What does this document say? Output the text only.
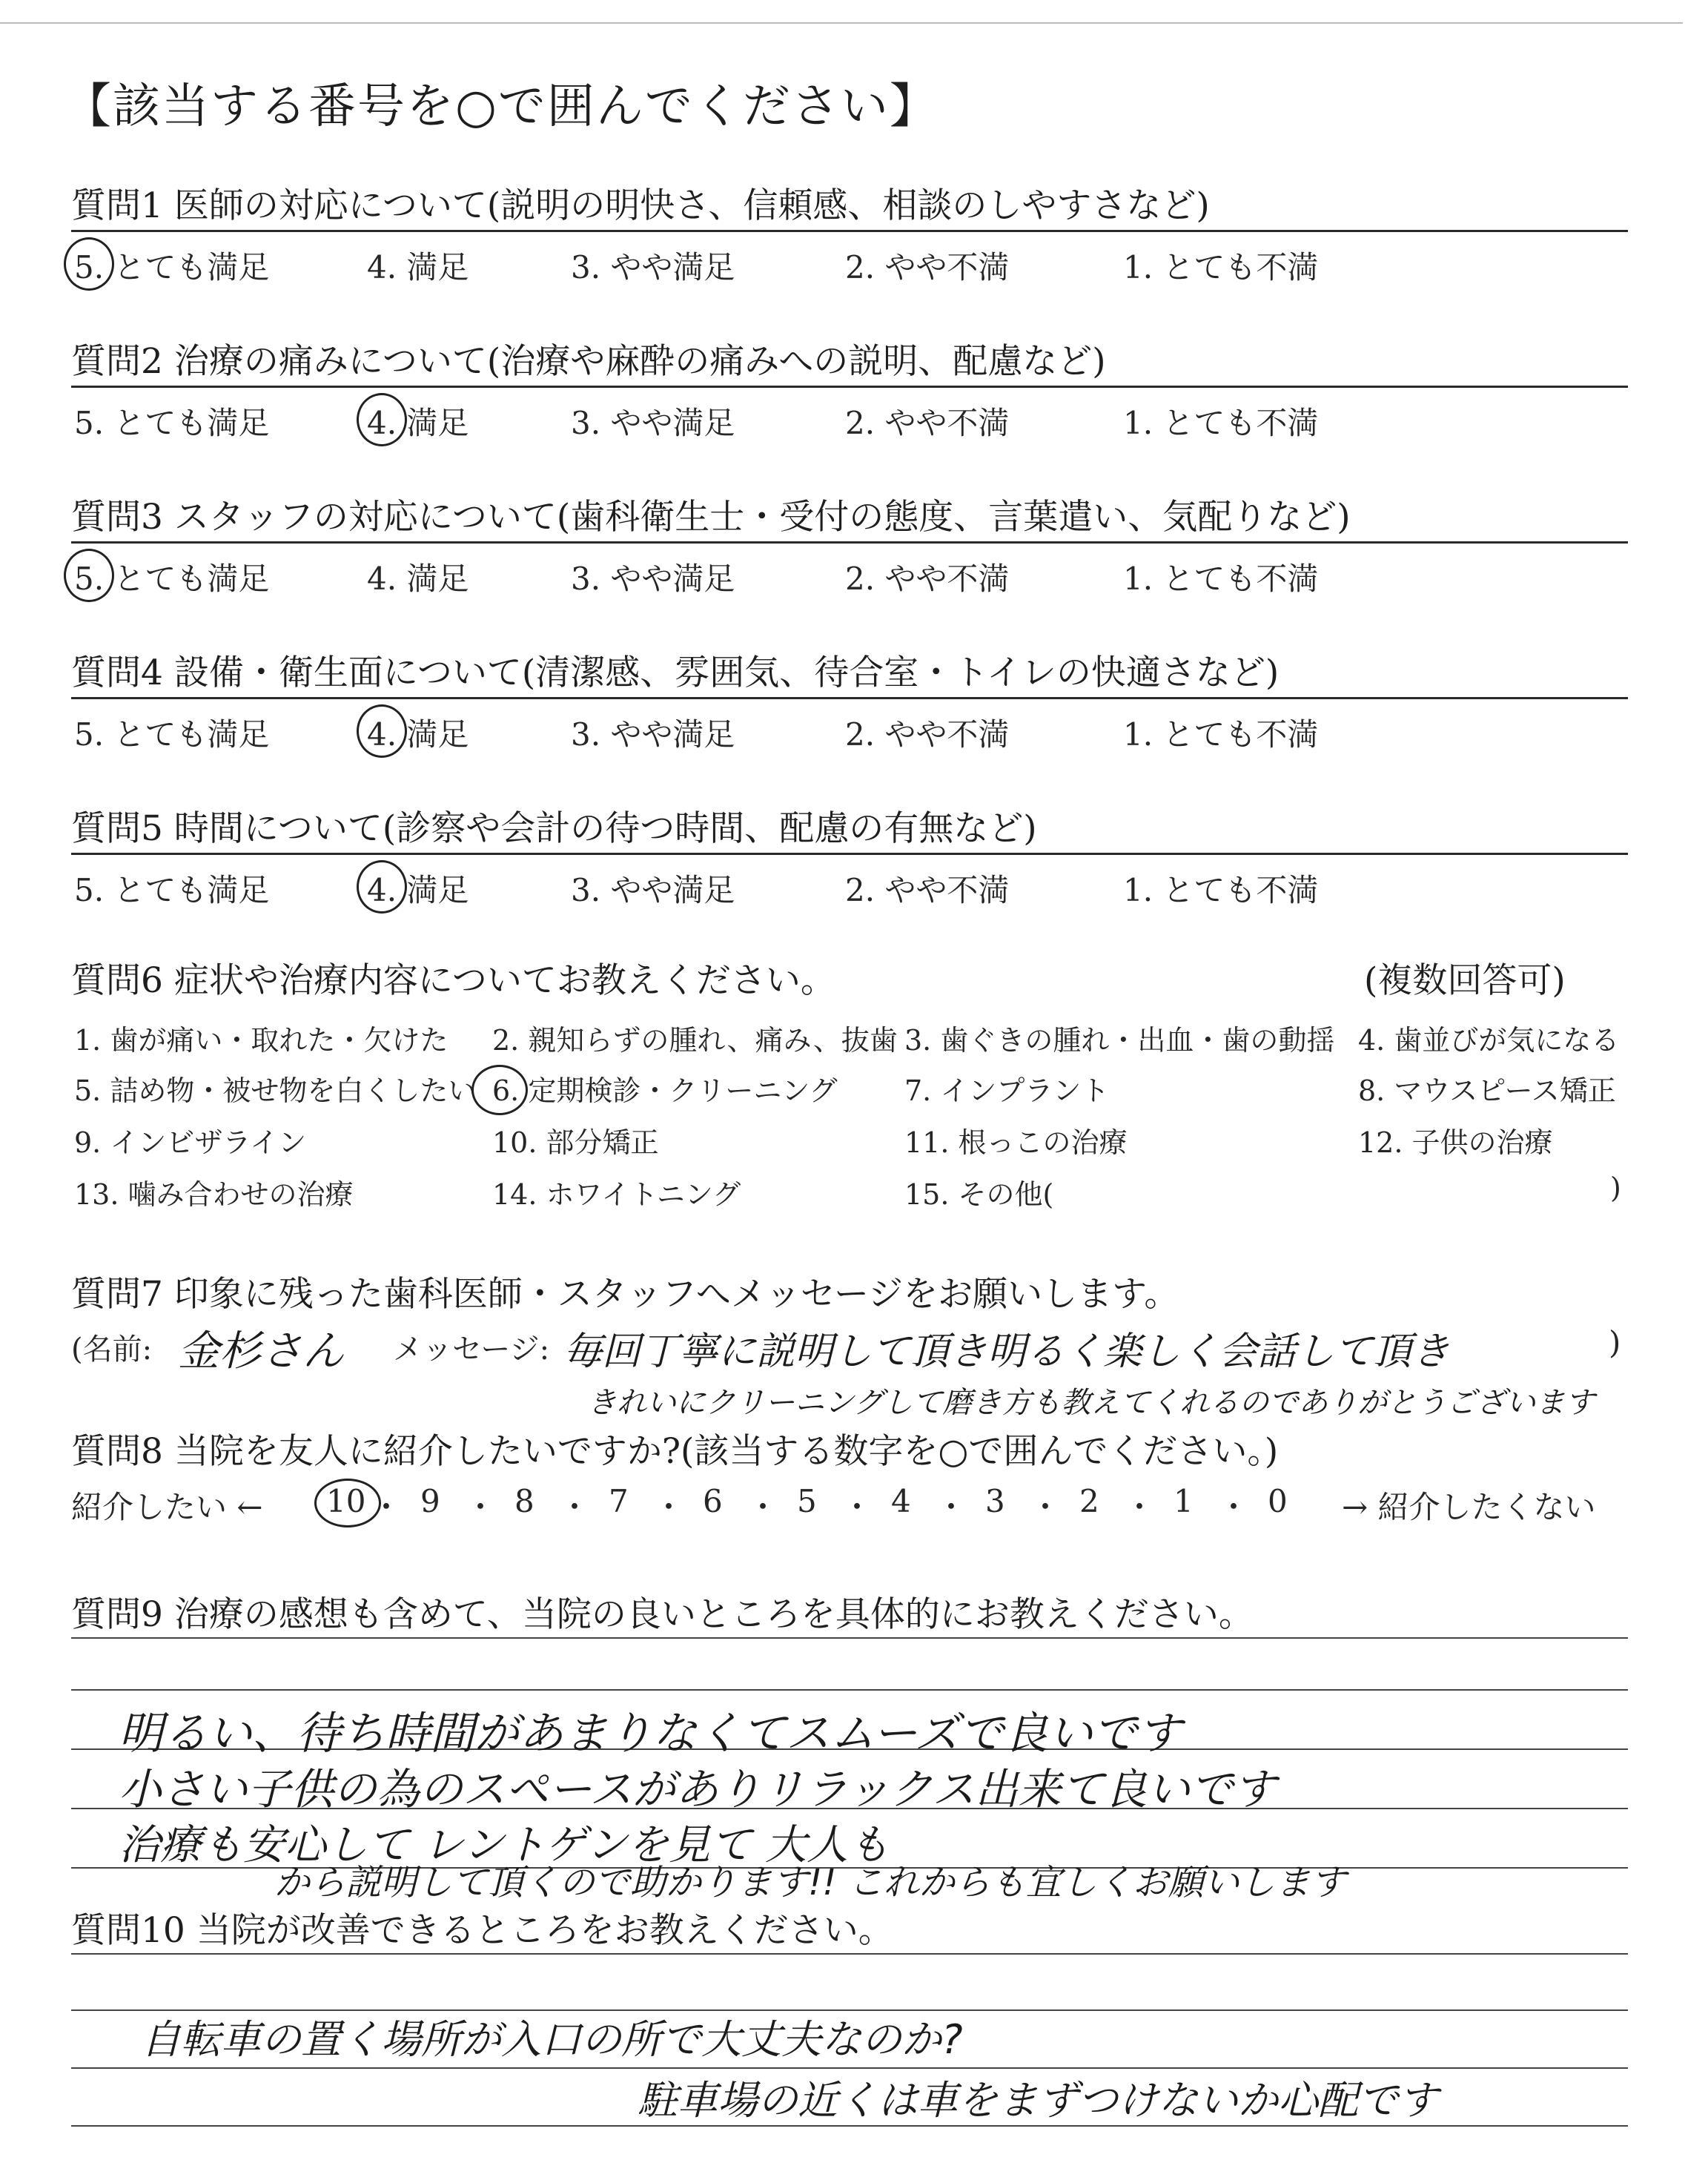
【該当する番号を○で囲んでください】
質問1 医師の対応について(説明の明快さ、信頼感、相談のしやすさなど)
5. とても満足	4. 満足	3. やや満足	2. やや不満	1. とても不満
質問2 治療の痛みについて(治療や麻酔の痛みへの説明、配慮など)
5. とても満足	4. 満足	3. やや満足	2. やや不満	1. とても不満
質問3 スタッフの対応について(歯科衛生士・受付の態度、言葉遣い、気配りなど)
5. とても満足	4. 満足	3. やや満足	2. やや不満	1. とても不満
質問4 設備・衛生面について(清潔感、雰囲気、待合室・トイレの快適さなど)
5. とても満足	4. 満足	3. やや満足	2. やや不満	1. とても不満
質問5 時間について(診察や会計の待つ時間、配慮の有無など)
5. とても満足	4. 満足	3. やや満足	2. やや不満	1. とても不満
質問6 症状や治療内容についてお教えください。	(複数回答可)
1. 歯が痛い・取れた・欠けた 2. 親知らずの腫れ、痛み、抜歯 3. 歯ぐきの腫れ・出血・歯の動揺 4. 歯並びが気になる
5. 詰め物・被せ物を白くしたい 6. 定期検診・クリーニング 7. インプラント	8. マウスピース矯正
9. インビザライン	10. 部分矯正	11. 根っこの治療	12. 子供の治療
13. 噛み合わせの治療	14. ホワイトニング	15. その他(	)
質問7 印象に残った歯科医師・スタッフへメッセージをお願いします。
(名前: 金杉さん メッセージ: 毎回丁寧に説明して頂き明るく楽しく会話して頂き	)
きれいにクリーニングして磨き方も教えてくれるのでありがとうございます
質問8 当院を友人に紹介したいですか?(該当する数字を○で囲んでください。)
紹介したい ← 10 ・ 9 ・ 8 ・ 7 ・ 6 ・ 5 ・ 4 ・ 3 ・ 2 ・ 1 ・ 0 → 紹介したくない
質問9 治療の感想も含めて、当院の良いところを具体的にお教えください。
明るい、待ち時間があまりなくてスムーズで良いです
小さい子供の為のスペースがありリラックス出来て良いです
治療も安心して レントゲンを見て 大人も
から説明して頂くので助かります!! これからも宜しくお願いします
質問10 当院が改善できるところをお教えください。
自転車の置く場所が入口の所で大丈夫なのか?
駐車場の近くは車をまずつけないか心配です
